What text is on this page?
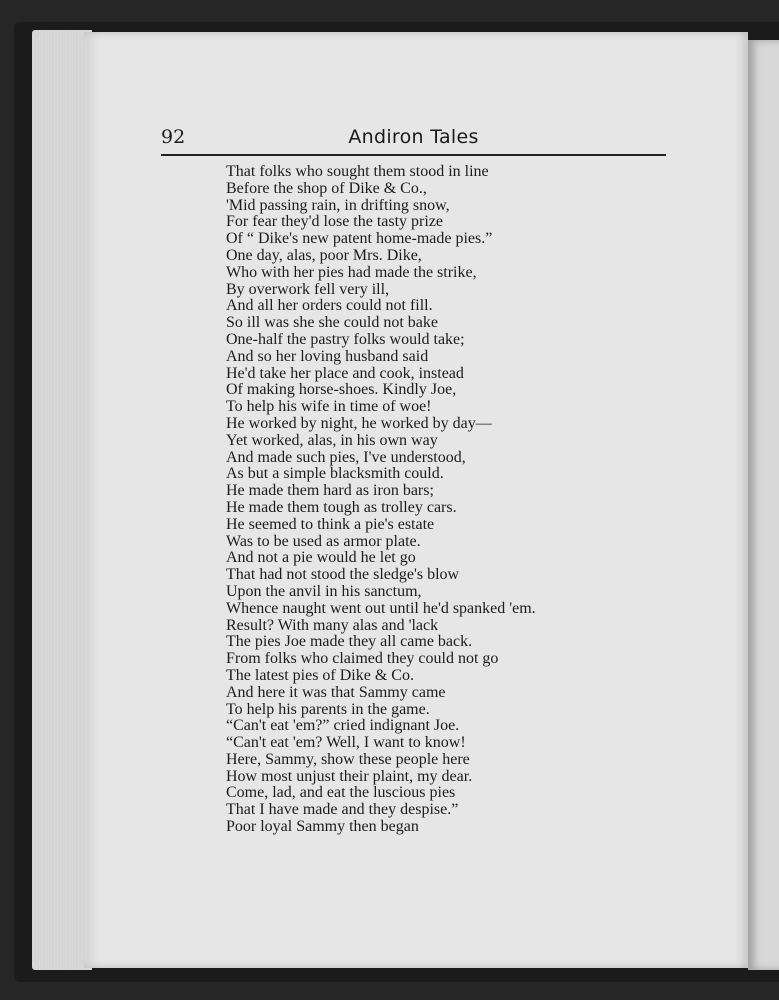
92	Andiron Tales
That folks who sought them stood in line
Before the shop of Dike & Co.,
'Mid passing rain, in drifting snow,
For fear they'd lose the tasty prize
Of “ Dike's new patent home-made pies.”
One day, alas, poor Mrs. Dike,
Who with her pies had made the strike,
By overwork fell very ill,
And all her orders could not fill.
So ill was she she could not bake
One-half the pastry folks would take;
And so her loving husband said
He'd take her place and cook, instead
Of making horse-shoes. Kindly Joe,
To help his wife in time of woe!
He worked by night, he worked by day—
Yet worked, alas, in his own way
And made such pies, I've understood,
As but a simple blacksmith could.
He made them hard as iron bars;
He made them tough as trolley cars.
He seemed to think a pie's estate
Was to be used as armor plate.
And not a pie would he let go
That had not stood the sledge's blow
Upon the anvil in his sanctum,
Whence naught went out until he'd spanked 'em.
Result? With many alas and 'lack
The pies Joe made they all came back.
From folks who claimed they could not go
The latest pies of Dike & Co.
And here it was that Sammy came
To help his parents in the game.
“Can't eat 'em?” cried indignant Joe.
“Can't eat 'em? Well, I want to know!
Here, Sammy, show these people here
How most unjust their plaint, my dear.
Come, lad, and eat the luscious pies
That I have made and they despise.”
Poor loyal Sammy then began
